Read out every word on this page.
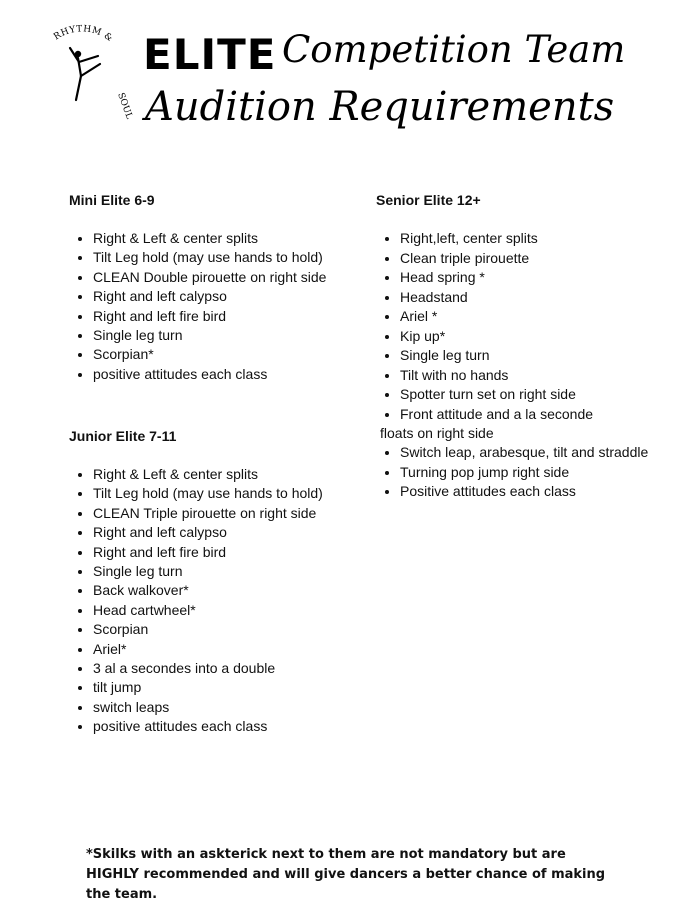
RHYTHM &
SOUL
DANCE COMPANY
ELITE Competition Team
Audition Requirements
Mini Elite 6-9
• Right & Left & center splits
• Tilt Leg hold (may use hands to hold)
• CLEAN Double pirouette on right side
• Right and left calypso
• Right and left fire bird
• Single leg turn
• Scorpian*
• positive attitudes each class
Junior Elite 7-11
• Right & Left & center splits
• Tilt Leg hold (may use hands to hold)
• CLEAN Triple pirouette on right side
• Right and left calypso
• Right and left fire bird
• Single leg turn
• Back walkover*
• Head cartwheel*
• Scorpian
• Ariel*
• 3 al a secondes into a double
• tilt jump
• switch leaps
• positive attitudes each class
Senior Elite 12+
• Right,left, center splits
• Clean triple pirouette
• Head spring *
• Headstand
• Ariel *
• Kip up*
• Single leg turn
• Tilt with no hands
• Spotter turn set on right side
• Front attitude and a la seconde

floats on right side

• Switch leap, arabesque, tilt and straddle
• Turning pop jump right side
• Positive attitudes each class

*Skilks with an askterick next to them are not mandatory but are HIGHLY recommended and will give dancers a better chance of making the team.
